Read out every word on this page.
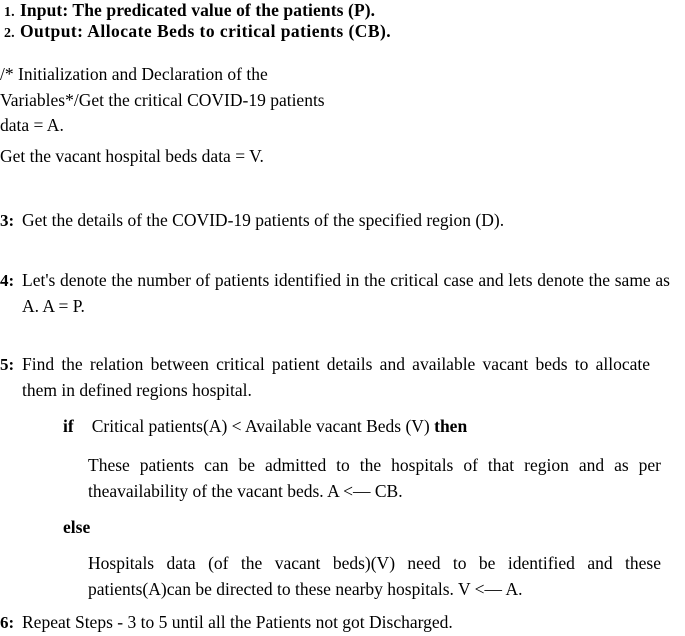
1. Input: The predicated value of the patients (P).
2. Output: Allocate Beds to critical patients (CB).
/* Initialization and Declaration of the Variables*/Get the critical COVID-19 patients data = A.
Get the vacant hospital beds data = V.
3: Get the details of the COVID-19 patients of the specified region (D).
4: Let's denote the number of patients identified in the critical case and lets denote the same as A. A = P.
5: Find the relation between critical patient details and available vacant beds to allocate them in defined regions hospital.
if Critical patients(A) < Available vacant Beds (V) then
These patients can be admitted to the hospitals of that region and as per theavailability of the vacant beds. A <— CB.
else
Hospitals data (of the vacant beds)(V) need to be identified and these patients(A)can be directed to these nearby hospitals. V <— A.
6: Repeat Steps - 3 to 5 until all the Patients not got Discharged.
